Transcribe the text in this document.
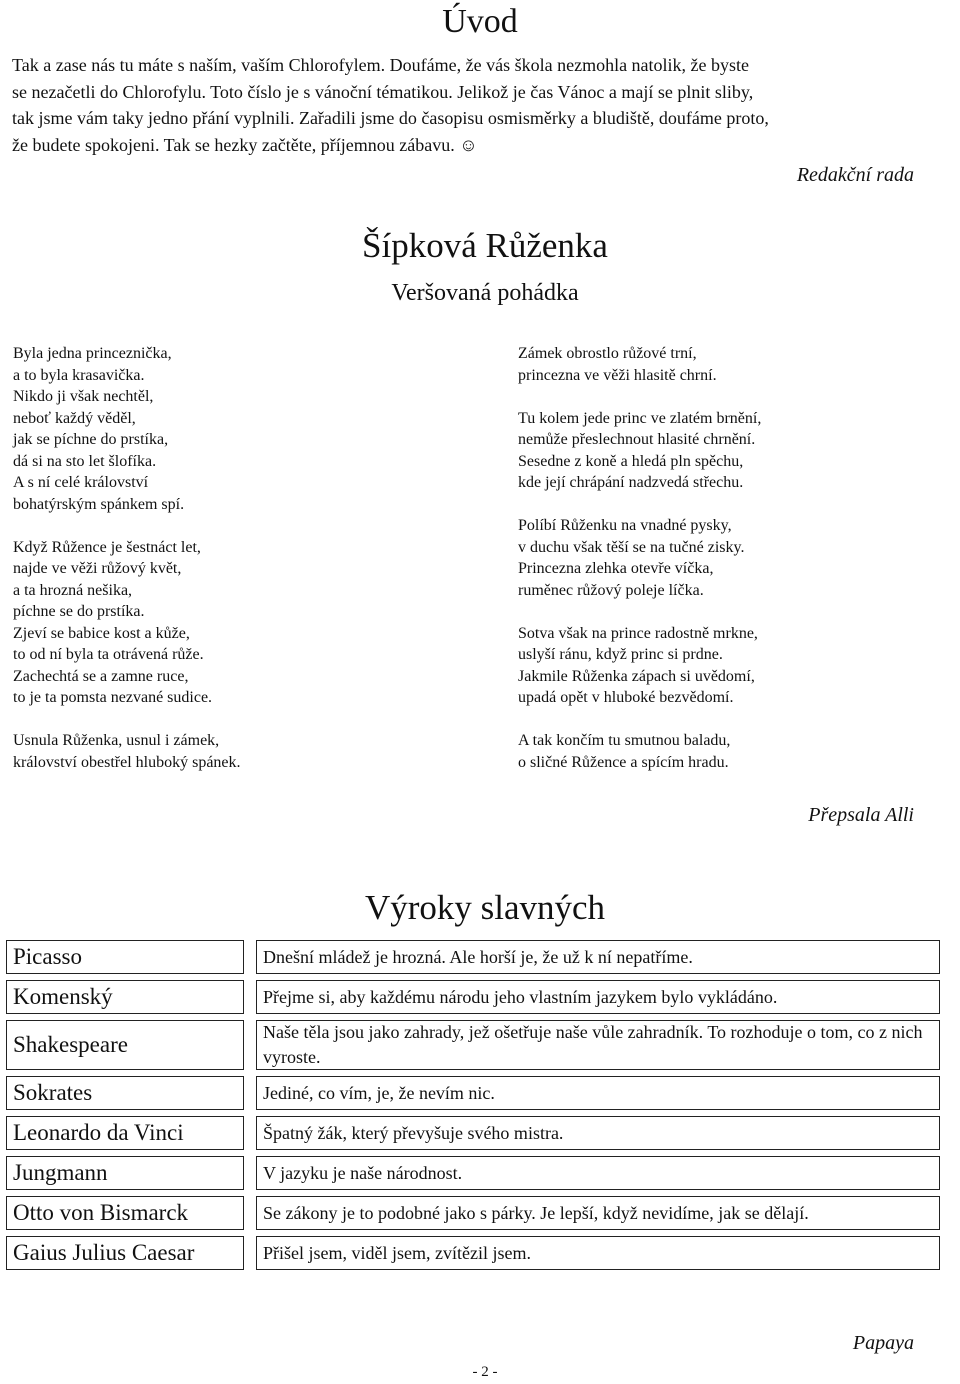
Úvod
Tak a zase nás tu máte s naším, vaším Chlorofylem. Doufáme, že vás škola nezmohla natolik, že byste
se nezačetli do Chlorofylu. Toto číslo je s vánoční tématikou. Jelikož je čas Vánoc a mají se plnit sliby,
tak jsme vám taky jedno přání vyplnili. Zařadili jsme do časopisu osmisměrky a bludiště, doufáme proto,
že budete spokojeni. Tak se hezky začtěte, příjemnou zábavu. ☺
Redakční rada
Šípková Růženka
Veršovaná pohádka
Byla jedna princeznička,
a to byla krasavička.
Nikdo ji však nechtěl,
neboť každý věděl,
jak se píchne do prstíka,
dá si na sto let šlofíka.
A s ní celé království
bohatýrským spánkem spí.
Když Růžence je šestnáct let,
najde ve věži růžový květ,
a ta hrozná nešika,
píchne se do prstíka.
Zjeví se babice kost a kůže,
to od ní byla ta otrávená růže.
Zachechtá se a zamne ruce,
to je ta pomsta nezvané sudice.
Usnula Růženka, usnul i zámek,
království obestřel hluboký spánek.
Zámek obrostlo růžové trní,
princezna ve věži hlasitě chrní.
Tu kolem jede princ ve zlatém brnění,
nemůže přeslechnout hlasité chrnění.
Sesedne z koně a hledá pln spěchu,
kde její chrápání nadzvedá střechu.
Políbí Růženku na vnadné pysky,
v duchu však těší se na tučné zisky.
Princezna zlehka otevře víčka,
ruměnec růžový poleje líčka.
Sotva však na prince radostně mrkne,
uslyší ránu, když princ si prdne.
Jakmile Růženka zápach si uvědomí,
upadá opět v hluboké bezvědomí.
A tak končím tu smutnou baladu,
o sličné Růžence a spícím hradu.
Přepsala Alli
Výroky slavných
Picasso	Dnešní mládež je hrozná. Ale horší je, že už k ní nepatříme.
Komenský	Přejme si, aby každému národu jeho vlastním jazykem bylo vykládáno.
Shakespeare	Naše těla jsou jako zahrady, jež ošetřuje naše vůle zahradník. To rozhoduje o tom, co z nich vyroste.
Sokrates	Jediné, co vím, je, že nevím nic.
Leonardo da Vinci	Špatný žák, který převyšuje svého mistra.
Jungmann	V jazyku je naše národnost.
Otto von Bismarck	Se zákony je to podobné jako s párky. Je lepší, když nevidíme, jak se dělají.
Gaius Julius Caesar	Přišel jsem, viděl jsem, zvítězil jsem.
Papaya
- 2 -
